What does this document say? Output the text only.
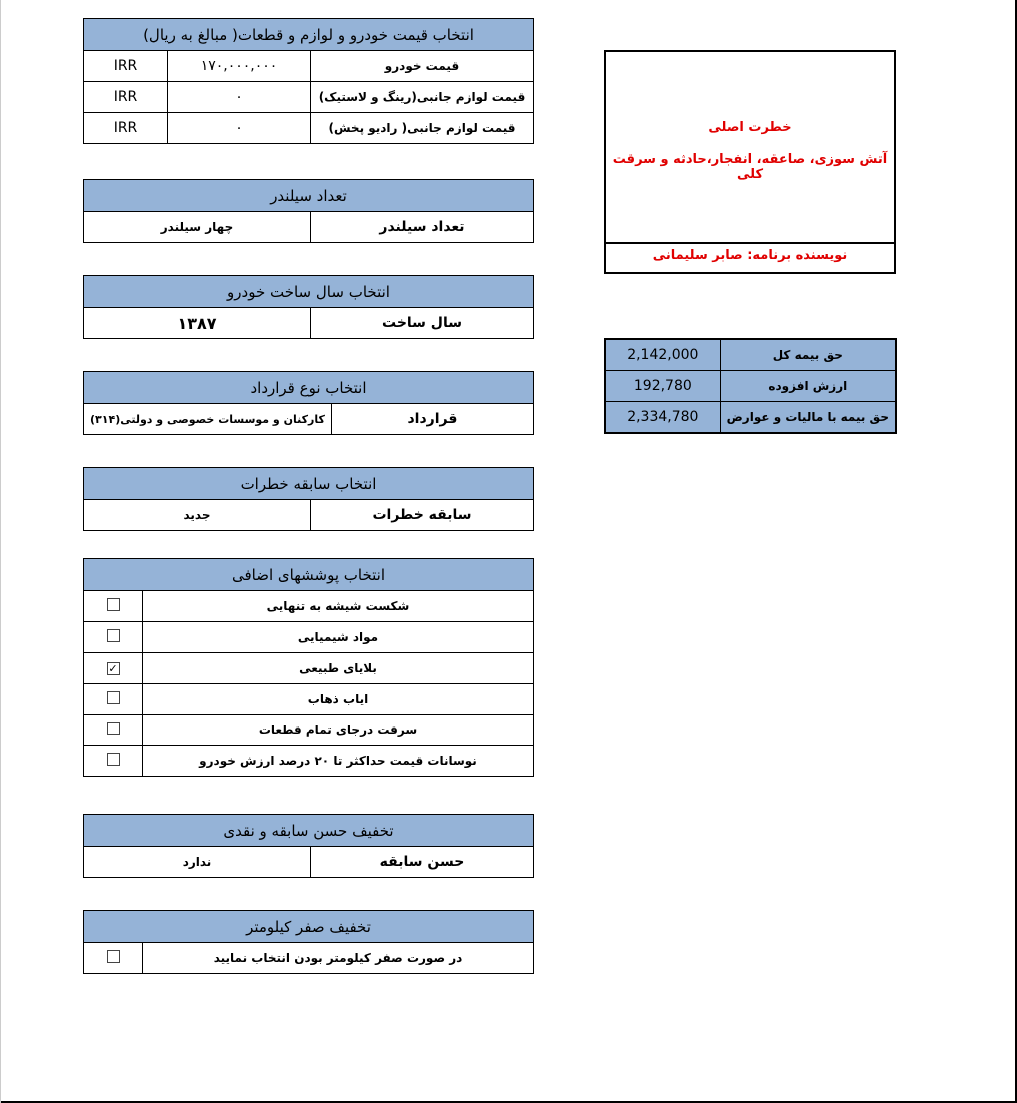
انتخاب قیمت خودرو و لوازم و قطعات( مبالغ به ریال)		
قیمت خودرو	۱۷۰,۰۰۰,۰۰۰	IRR
قیمت لوازم جانبی(رینگ و لاستیک)	۰	IRR
قیمت لوازم جانبی( رادیو پخش)	۰	IRR
تعداد سیلندر
تعداد سیلندر	چهار سیلندر
انتخاب سال ساخت خودرو
سال ساخت	۱۳۸۷
انتخاب نوع قرارداد
قرارداد	کارکنان و موسسات خصوصی و دولتی(۳۱۴)
انتخاب سابقه خطرات
سابقه خطرات	جدید
انتخاب پوششهای اضافی	
شکست شیشه به تنهایی	
مواد شیمیایی	
بلایای طبیعی	✓
ایاب ذهاب	
سرقت درجای تمام قطعات	
نوسانات قیمت حداکثر تا ۲۰ درصد ارزش خودرو	
تخفیف حسن سابقه و نقدی
حسن سابقه	ندارد
تخفیف صفر کیلومتر
در صورت صفر کیلومتر بودن انتخاب نمایید	
خطرت اصلی
آتش سوزی، صاعقه، انفجار،حادثه و سرقت کلی
نویسنده برنامه: صابر سلیمانی
حق بیمه کل	2,142,000
ارزش افزوده	192,780
حق بیمه با مالیات و عوارض	2,334,780
